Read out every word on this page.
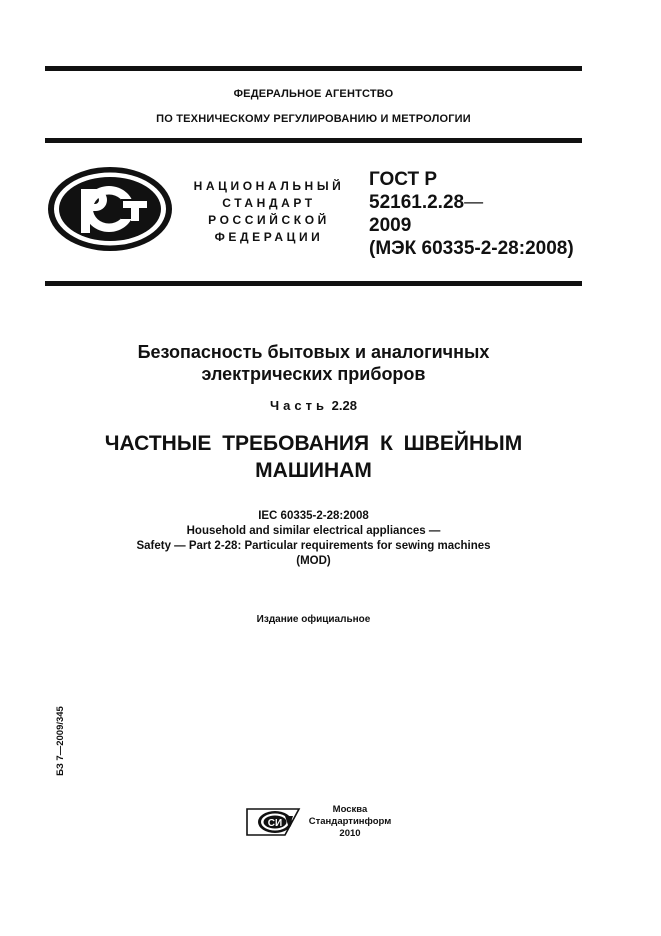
ФЕДЕРАЛЬНОЕ АГЕНТСТВО
ПО ТЕХНИЧЕСКОМУ РЕГУЛИРОВАНИЮ И МЕТРОЛОГИИ
НАЦИОНАЛЬНЫЙ
СТАНДАРТ
РОССИЙСКОЙ
ФЕДЕРАЦИИ
ГОСТ Р
52161.2.28—
2009
(МЭК 60335-2-28:2008)
Безопасность бытовых и аналогичных
электрических приборов
Часть 2.28
ЧАСТНЫЕ ТРЕБОВАНИЯ К ШВЕЙНЫМ
МАШИНАМ
IEC 60335-2-28:2008
Household and similar electrical appliances —
Safety — Part 2-28: Particular requirements for sewing machines
(MOD)
Издание официальное
БЗ 7—2009/345
СИ
Москва
Стандартинформ
2010
